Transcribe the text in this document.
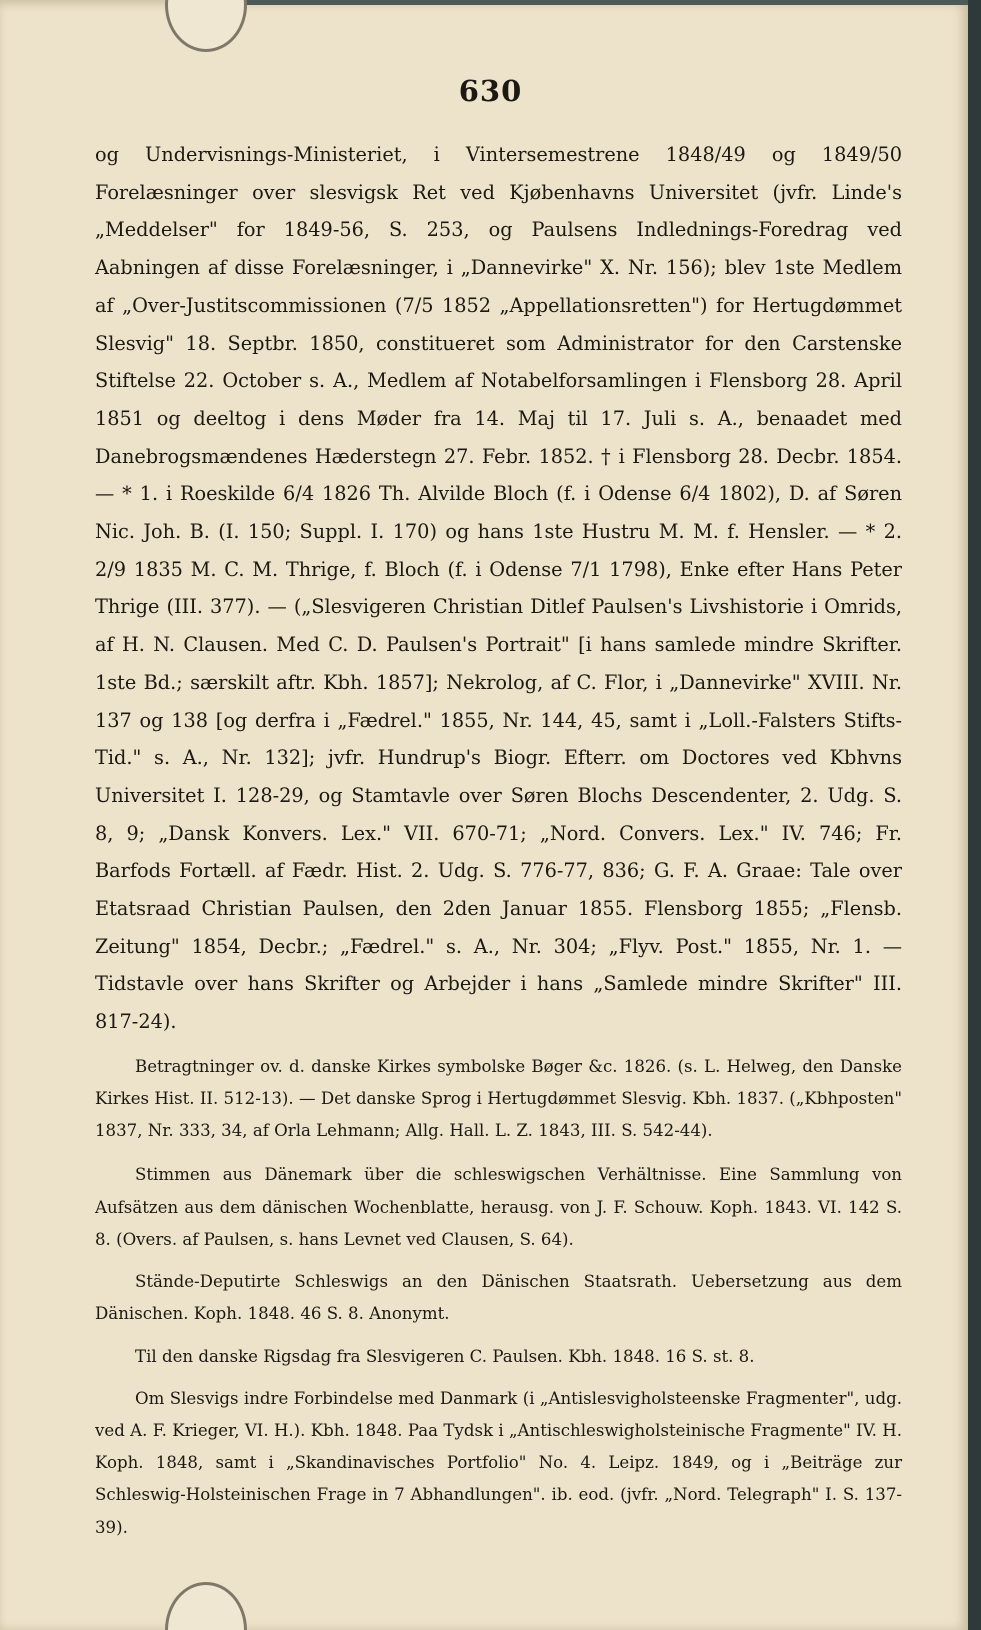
630

og Undervisnings-Ministeriet, i Vintersemestrene 1848/49 og 1849/50 Forelæsninger over slesvigsk Ret ved Kjøbenhavns Universitet (jvfr. Linde's „Meddelser" for 1849-56, S. 253, og Paulsens Indlednings-Foredrag ved Aabningen af disse Forelæsninger, i „Dannevirke" X. Nr. 156); blev 1ste Medlem af „Over-Justitscommissionen (7/5 1852 „Appellationsretten") for Hertugdømmet Slesvig" 18. Septbr. 1850, constitueret som Administrator for den Carstenske Stiftelse 22. October s. A., Medlem af Notabelforsamlingen i Flensborg 28. April 1851 og deeltog i dens Møder fra 14. Maj til 17. Juli s. A., benaadet med Danebrogsmændenes Hæderstegn 27. Febr. 1852. † i Flensborg 28. Decbr. 1854. — * 1. i Roeskilde 6/4 1826 Th. Alvilde Bloch (f. i Odense 6/4 1802), D. af Søren Nic. Joh. B. (I. 150; Suppl. I. 170) og hans 1ste Hustru M. M. f. Hensler. — * 2. 2/9 1835 M. C. M. Thrige, f. Bloch (f. i Odense 7/1 1798), Enke efter Hans Peter Thrige (III. 377). — („Slesvigeren Christian Ditlef Paulsen's Livshistorie i Omrids, af H. N. Clausen. Med C. D. Paulsen's Portrait" [i hans samlede mindre Skrifter. 1ste Bd.; særskilt aftr. Kbh. 1857]; Nekrolog, af C. Flor, i „Dannevirke" XVIII. Nr. 137 og 138 [og derfra i „Fædrel." 1855, Nr. 144, 45, samt i „Loll.-Falsters Stifts-Tid." s. A., Nr. 132]; jvfr. Hundrup's Biogr. Efterr. om Doctores ved Kbhvns Universitet I. 128-29, og Stamtavle over Søren Blochs Descendenter, 2. Udg. S. 8, 9; „Dansk Konvers. Lex." VII. 670-71; „Nord. Convers. Lex." IV. 746; Fr. Barfods Fortæll. af Fædr. Hist. 2. Udg. S. 776-77, 836; G. F. A. Graae: Tale over Etatsraad Christian Paulsen, den 2den Januar 1855. Flensborg 1855; „Flensb. Zeitung" 1854, Decbr.; „Fædrel." s. A., Nr. 304; „Flyv. Post." 1855, Nr. 1. — Tidstavle over hans Skrifter og Arbejder i hans „Samlede mindre Skrifter" III. 817-24).

Betragtninger ov. d. danske Kirkes symbolske Bøger &c. 1826. (s. L. Helweg, den Danske Kirkes Hist. II. 512-13). — Det danske Sprog i Hertugdømmet Slesvig. Kbh. 1837. („Kbhposten" 1837, Nr. 333, 34, af Orla Lehmann; Allg. Hall. L. Z. 1843, III. S. 542-44).

Stimmen aus Dänemark über die schleswigschen Verhältnisse. Eine Sammlung von Aufsätzen aus dem dänischen Wochenblatte, herausg. von J. F. Schouw. Koph. 1843. VI. 142 S. 8. (Overs. af Paulsen, s. hans Levnet ved Clausen, S. 64).

Stände-Deputirte Schleswigs an den Dänischen Staatsrath. Uebersetzung aus dem Dänischen. Koph. 1848. 46 S. 8. Anonymt.

Til den danske Rigsdag fra Slesvigeren C. Paulsen. Kbh. 1848. 16 S. st. 8.

Om Slesvigs indre Forbindelse med Danmark (i „Antislesvigholsteenske Fragmenter", udg. ved A. F. Krieger, VI. H.). Kbh. 1848. Paa Tydsk i „Antischleswigholsteinische Fragmente" IV. H. Koph. 1848, samt i „Skandinavisches Portfolio" No. 4. Leipz. 1849, og i „Beiträge zur Schleswig-Holsteinischen Frage in 7 Abhandlungen". ib. eod. (jvfr. „Nord. Telegraph" I. S. 137-39).
